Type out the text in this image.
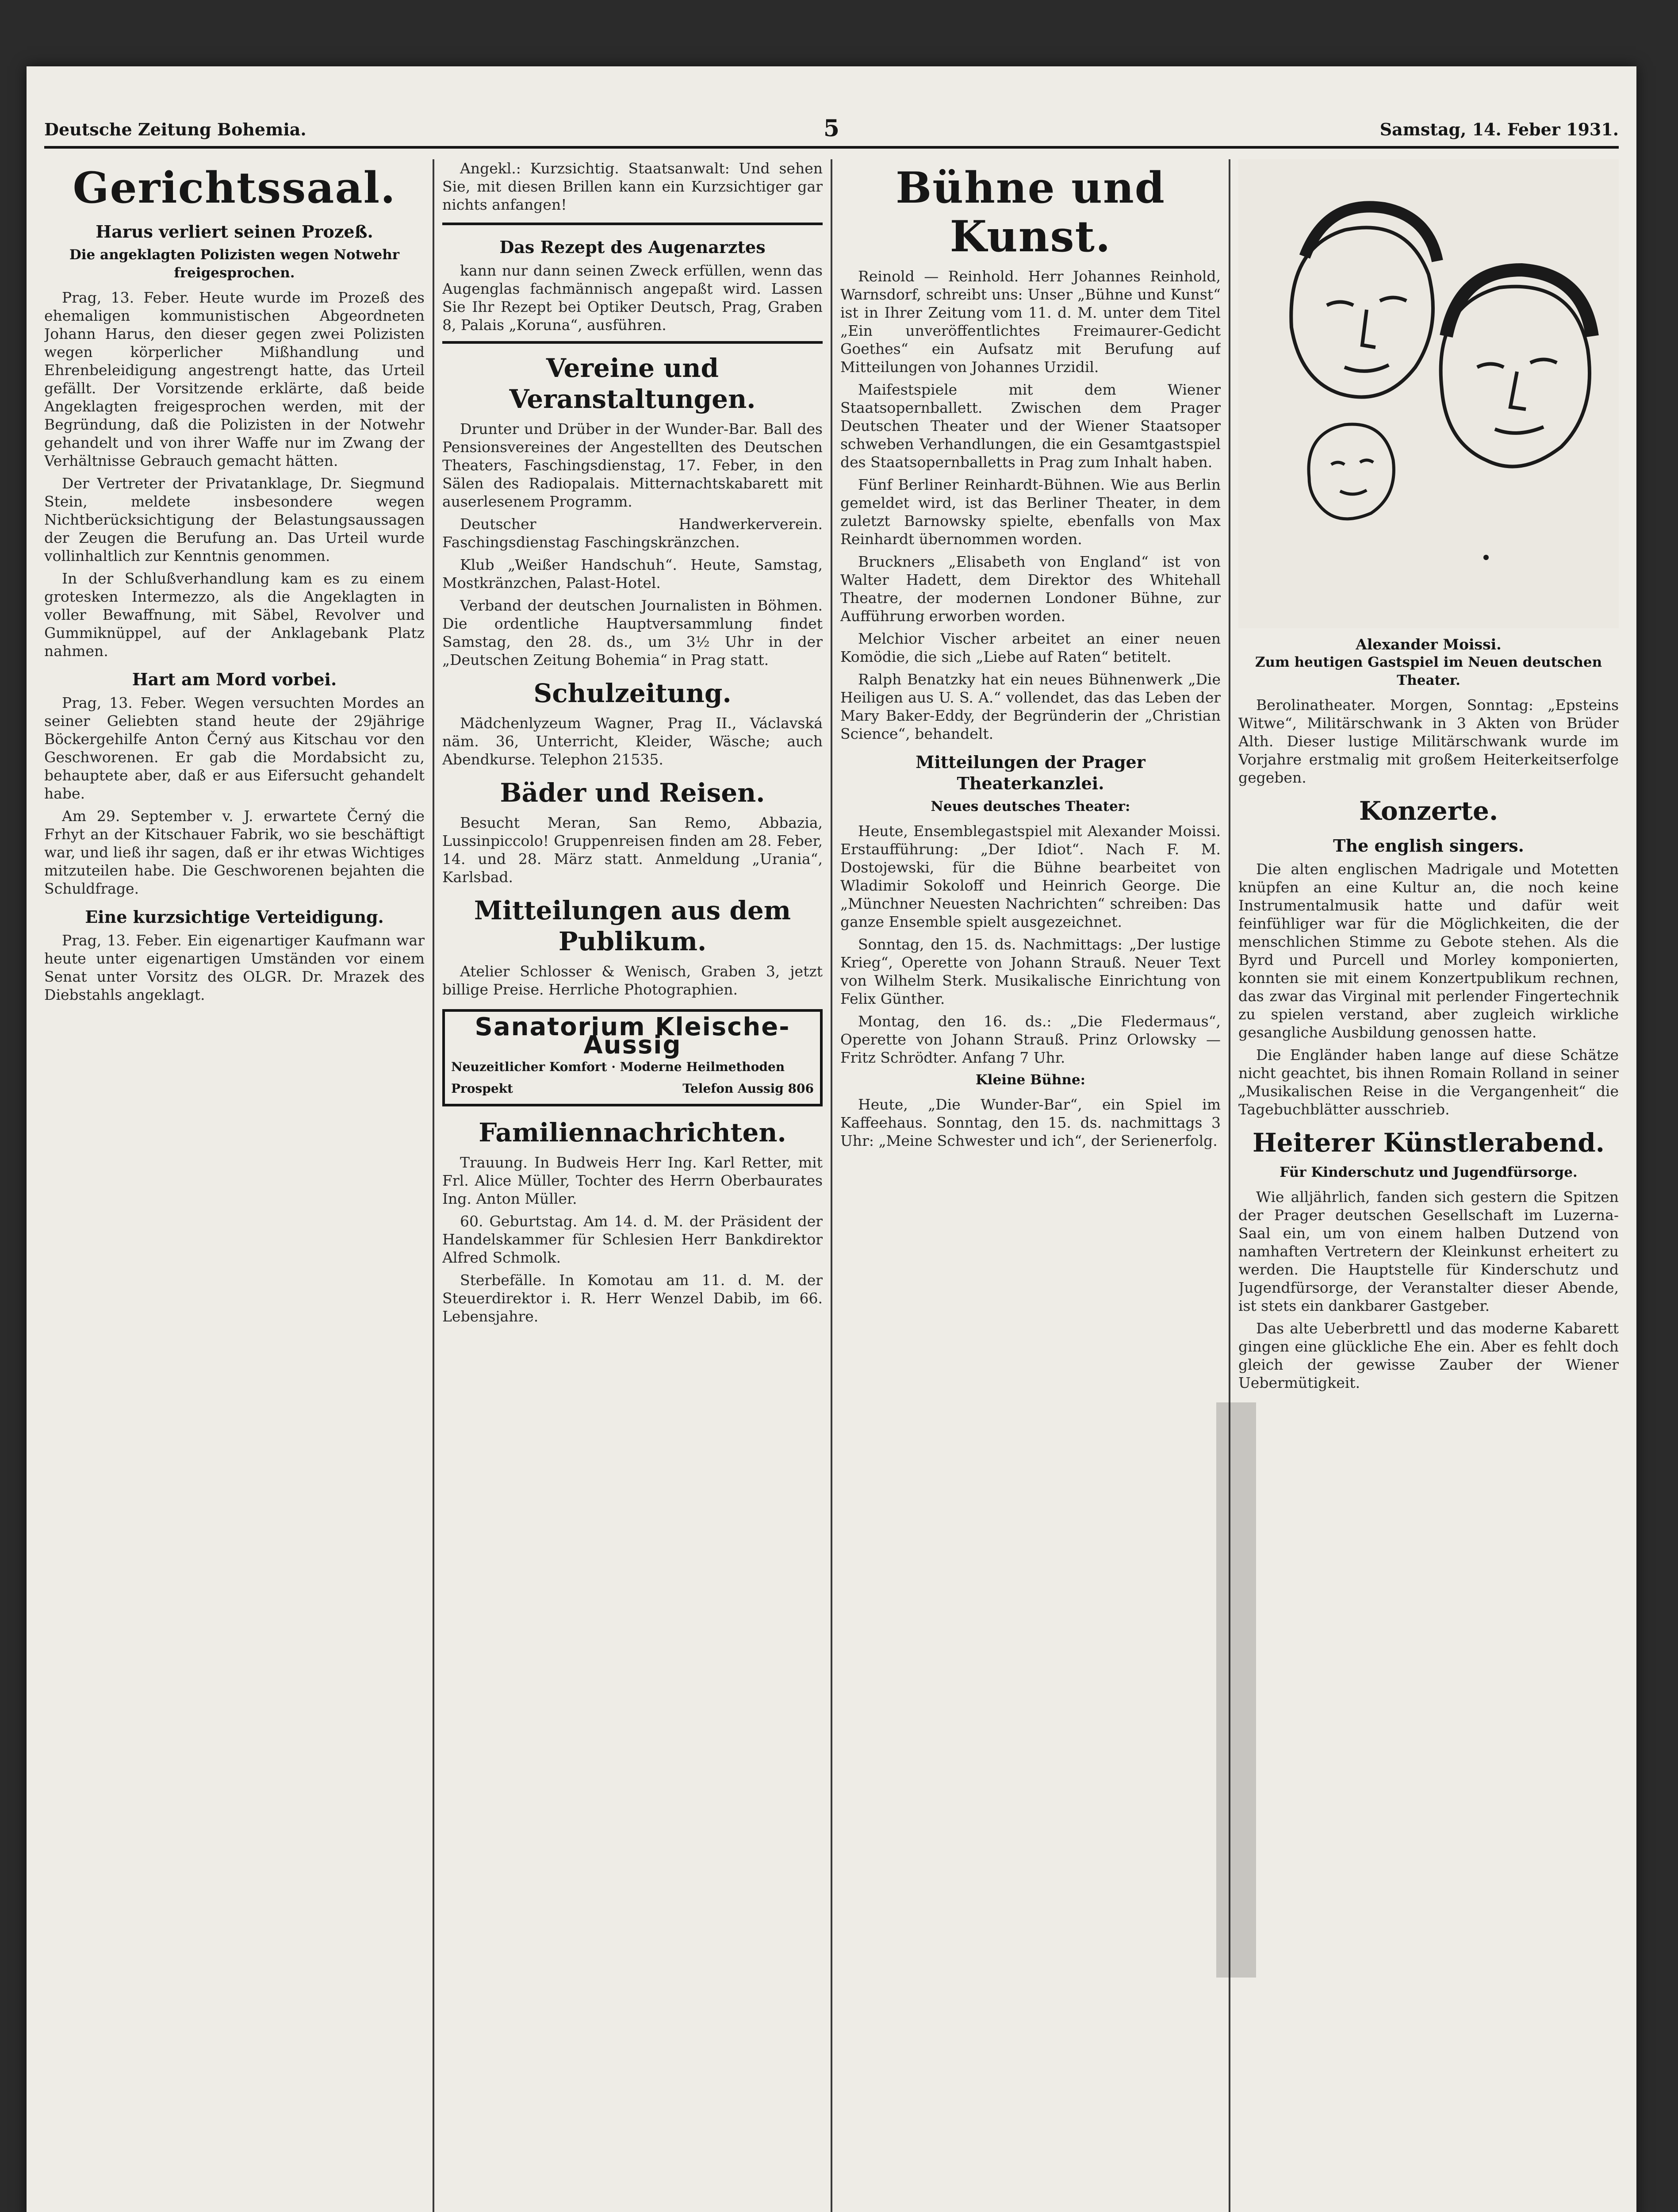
Deutsche Zeitung Bohemia.	5	Samstag, 14. Feber 1931.
Gerichtssaal.
Harus verliert seinen Prozeß.
Die angeklagten Polizisten wegen Notwehr freigesprochen.

Prag, 13. Feber. Heute wurde im Prozeß des ehemaligen kommunistischen Abgeordneten Johann Harus, den dieser gegen zwei Polizisten wegen körperlicher Mißhandlung und Ehrenbeleidigung angestrengt hatte, das Urteil gefällt. Der Vorsitzende erklärte, daß beide Angeklagten freigesprochen werden, mit der Begründung, daß die Polizisten in der Notwehr gehandelt und von ihrer Waffe nur im Zwang der Verhältnisse Gebrauch gemacht hätten.

Der Vertreter der Privatanklage, Dr. Siegmund Stein, meldete insbesondere wegen Nichtberücksichtigung der Belastungsaussagen der Zeugen die Berufung an. Das Urteil wurde vollinhaltlich zur Kenntnis genommen.

In der Schlußverhandlung kam es zu einem grotesken Intermezzo, als die Angeklagten in voller Bewaffnung, mit Säbel, Revolver und Gummiknüppel, auf der Anklagebank Platz nahmen.

Hart am Mord vorbei.

Prag, 13. Feber. Wegen versuchten Mordes an seiner Geliebten stand heute der 29jährige Böckergehilfe Anton Černý aus Kitschau vor den Geschworenen. Er gab die Mordabsicht zu, behauptete aber, daß er aus Eifersucht gehandelt habe.

Am 29. September v. J. erwartete Černý die Frhyt an der Kitschauer Fabrik, wo sie beschäftigt war, und ließ ihr sagen, daß er ihr etwas Wichtiges mitzuteilen habe. Die Geschworenen bejahten die Schuldfrage.

Eine kurzsichtige Verteidigung.

Prag, 13. Feber. Ein eigenartiger Kaufmann war heute unter eigenartigen Umständen vor einem Senat unter Vorsitz des OLGR. Dr. Mrazek des Diebstahls angeklagt.

Angekl.: Kurzsichtig. Staatsanwalt: Und sehen Sie, mit diesen Brillen kann ein Kurzsichtiger gar nichts anfangen!

Das Rezept des Augenarztes

kann nur dann seinen Zweck erfüllen, wenn das Augenglas fachmännisch angepaßt wird. Lassen Sie Ihr Rezept bei Optiker Deutsch, Prag, Graben 8, Palais „Koruna“, ausführen.

Vereine und Veranstaltungen.

Drunter und Drüber in der Wunder-Bar. Ball des Pensionsvereines der Angestellten des Deutschen Theaters, Faschingsdienstag, 17. Feber, in den Sälen des Radiopalais. Mitternachtskabarett mit auserlesenem Programm.

Deutscher Handwerkerverein. Faschingsdienstag Faschingskränzchen.

Klub „Weißer Handschuh“. Heute, Samstag, Mostkränzchen, Palast-Hotel.

Verband der deutschen Journalisten in Böhmen. Die ordentliche Hauptversammlung findet Samstag, den 28. ds., um 3½ Uhr in der „Deutschen Zeitung Bohemia“ in Prag statt.

Schulzeitung.

Mädchenlyzeum Wagner, Prag II., Václavská näm. 36, Unterricht, Kleider, Wäsche; auch Abendkurse. Telephon 21535.

Bäder und Reisen.

Besucht Meran, San Remo, Abbazia, Lussinpiccolo! Gruppenreisen finden am 28. Feber, 14. und 28. März statt. Anmeldung „Urania“, Karlsbad.

Mitteilungen aus dem Publikum.

Atelier Schlosser & Wenisch, Graben 3, jetzt billige Preise. Herrliche Photographien.

Sanatorium Kleische-Aussig
Neuzeitlicher Komfort · Moderne Heilmethoden
Prospekt	Telefon Aussig 806
Familiennachrichten.

Trauung. In Budweis Herr Ing. Karl Retter, mit Frl. Alice Müller, Tochter des Herrn Oberbaurates Ing. Anton Müller.

60. Geburtstag. Am 14. d. M. der Präsident der Handelskammer für Schlesien Herr Bankdirektor Alfred Schmolk.

Sterbefälle. In Komotau am 11. d. M. der Steuerdirektor i. R. Herr Wenzel Dabib, im 66. Lebensjahre.

Bühne und Kunst.

Reinold — Reinhold. Herr Johannes Reinhold, Warnsdorf, schreibt uns: Unser „Bühne und Kunst“ ist in Ihrer Zeitung vom 11. d. M. unter dem Titel „Ein unveröffentlichtes Freimaurer-Gedicht Goethes“ ein Aufsatz mit Berufung auf Mitteilungen von Johannes Urzidil.

Maifestspiele mit dem Wiener Staatsopernballett. Zwischen dem Prager Deutschen Theater und der Wiener Staatsoper schweben Verhandlungen, die ein Gesamtgastspiel des Staatsopernballetts in Prag zum Inhalt haben.

Fünf Berliner Reinhardt-Bühnen. Wie aus Berlin gemeldet wird, ist das Berliner Theater, in dem zuletzt Barnowsky spielte, ebenfalls von Max Reinhardt übernommen worden.

Bruckners „Elisabeth von England“ ist von Walter Hadett, dem Direktor des Whitehall Theatre, der modernen Londoner Bühne, zur Aufführung erworben worden.

Melchior Vischer arbeitet an einer neuen Komödie, die sich „Liebe auf Raten“ betitelt.

Ralph Benatzky hat ein neues Bühnenwerk „Die Heiligen aus U. S. A.“ vollendet, das das Leben der Mary Baker-Eddy, der Begründerin der „Christian Science“, behandelt.

Mitteilungen der Prager Theaterkanzlei.
Neues deutsches Theater:

Heute, Ensemblegastspiel mit Alexander Moissi. Erstaufführung: „Der Idiot“. Nach F. M. Dostojewski, für die Bühne bearbeitet von Wladimir Sokoloff und Heinrich George. Die „Münchner Neuesten Nachrichten“ schreiben: Das ganze Ensemble spielt ausgezeichnet.

Sonntag, den 15. ds. Nachmittags: „Der lustige Krieg“, Operette von Johann Strauß. Neuer Text von Wilhelm Sterk. Musikalische Einrichtung von Felix Günther.

Montag, den 16. ds.: „Die Fledermaus“, Operette von Johann Strauß. Prinz Orlowsky — Fritz Schrödter. Anfang 7 Uhr.

Kleine Bühne:

Heute, „Die Wunder-Bar“, ein Spiel im Kaffeehaus. Sonntag, den 15. ds. nachmittags 3 Uhr: „Meine Schwester und ich“, der Serienerfolg.

Alexander Moissi.
Zum heutigen Gastspiel im Neuen deutschen Theater.

Berolinatheater. Morgen, Sonntag: „Epsteins Witwe“, Militärschwank in 3 Akten von Brüder Alth. Dieser lustige Militärschwank wurde im Vorjahre erstmalig mit großem Heiterkeitserfolge gegeben.

Konzerte.
The english singers.

Die alten englischen Madrigale und Motetten knüpfen an eine Kultur an, die noch keine Instrumentalmusik hatte und dafür weit feinfühliger war für die Möglichkeiten, die der menschlichen Stimme zu Gebote stehen. Als die Byrd und Purcell und Morley komponierten, konnten sie mit einem Konzertpublikum rechnen, das zwar das Virginal mit perlender Fingertechnik zu spielen verstand, aber zugleich wirkliche gesangliche Ausbildung genossen hatte.

Die Engländer haben lange auf diese Schätze nicht geachtet, bis ihnen Romain Rolland in seiner „Musikalischen Reise in die Vergangenheit“ die Tagebuchblätter ausschrieb.

Heiterer Künstlerabend.
Für Kinderschutz und Jugendfürsorge.

Wie alljährlich, fanden sich gestern die Spitzen der Prager deutschen Gesellschaft im Luzerna-Saal ein, um von einem halben Dutzend von namhaften Vertretern der Kleinkunst erheitert zu werden. Die Hauptstelle für Kinderschutz und Jugendfürsorge, der Veranstalter dieser Abende, ist stets ein dankbarer Gastgeber.

Das alte Ueberbrettl und das moderne Kabarett gingen eine glückliche Ehe ein. Aber es fehlt doch gleich der gewisse Zauber der Wiener Uebermütigkeit.
